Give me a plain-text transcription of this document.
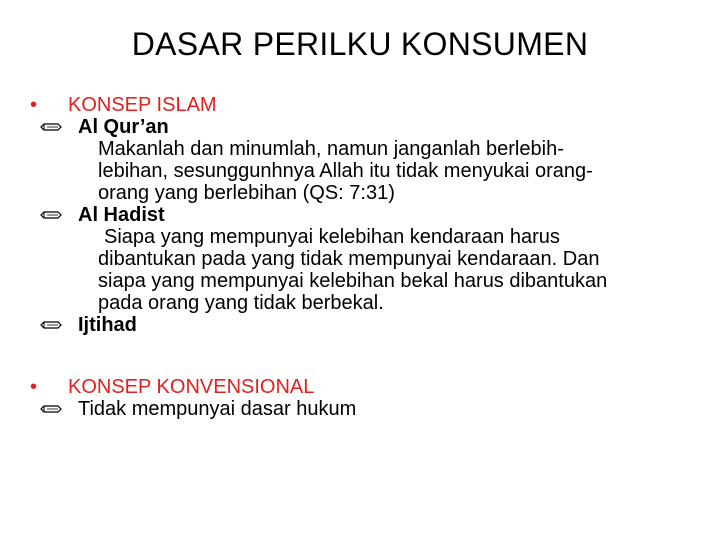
DASAR PERILKU KONSUMEN
•	KONSEP ISLAM
Al Qur’an
Makanlah dan minumlah, namun janganlah berlebih-
lebihan, sesunggunhnya Allah itu tidak menyukai orang-
orang yang berlebihan (QS: 7:31)
Al Hadist
Siapa yang mempunyai kelebihan kendaraan harus
dibantukan pada yang tidak mempunyai kendaraan. Dan
siapa yang mempunyai kelebihan bekal harus dibantukan
pada orang yang tidak berbekal.
Ijtihad
•	KONSEP KONVENSIONAL
Tidak mempunyai dasar hukum
